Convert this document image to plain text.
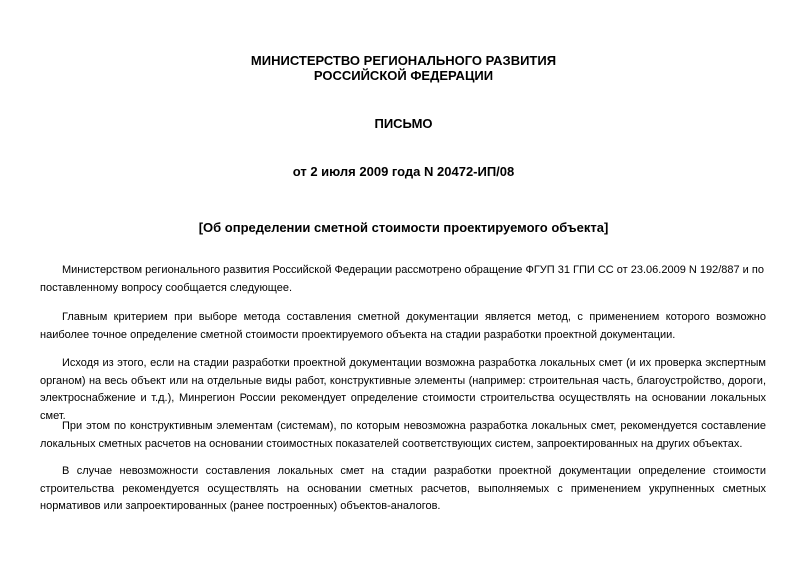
МИНИСТЕРСТВО РЕГИОНАЛЬНОГО РАЗВИТИЯ
РОССИЙСКОЙ ФЕДЕРАЦИИ
ПИСЬМО
от 2 июля 2009 года N 20472-ИП/08
[Об определении сметной стоимости проектируемого объекта]
Министерством регионального развития Российской Федерации рассмотрено обращение ФГУП 31 ГПИ СС от 23.06.2009 N 192/887 и по
поставленному вопросу сообщается следующее.

Главным критерием при выборе метода составления сметной документации является метод, с применением которого возможно наиболее точное определение сметной стоимости проектируемого объекта на стадии разработки проектной документации.

Исходя из этого, если на стадии разработки проектной документации возможна разработка локальных смет (и их проверка экспертным органом) на весь объект или на отдельные виды работ, конструктивные элементы (например: строительная часть, благоустройство, дороги, электроснабжение и т.д.), Минрегион России рекомендует определение стоимости строительства осуществлять на основании локальных смет.

При этом по конструктивным элементам (системам), по которым невозможна разработка локальных смет, рекомендуется составление локальных сметных расчетов на основании стоимостных показателей соответствующих систем, запроектированных на других объектах.

В случае невозможности составления локальных смет на стадии разработки проектной документации определение стоимости строительства рекомендуется осуществлять на основании сметных расчетов, выполняемых с применением укрупненных сметных нормативов или запроектированных (ранее построенных) объектов-аналогов.
